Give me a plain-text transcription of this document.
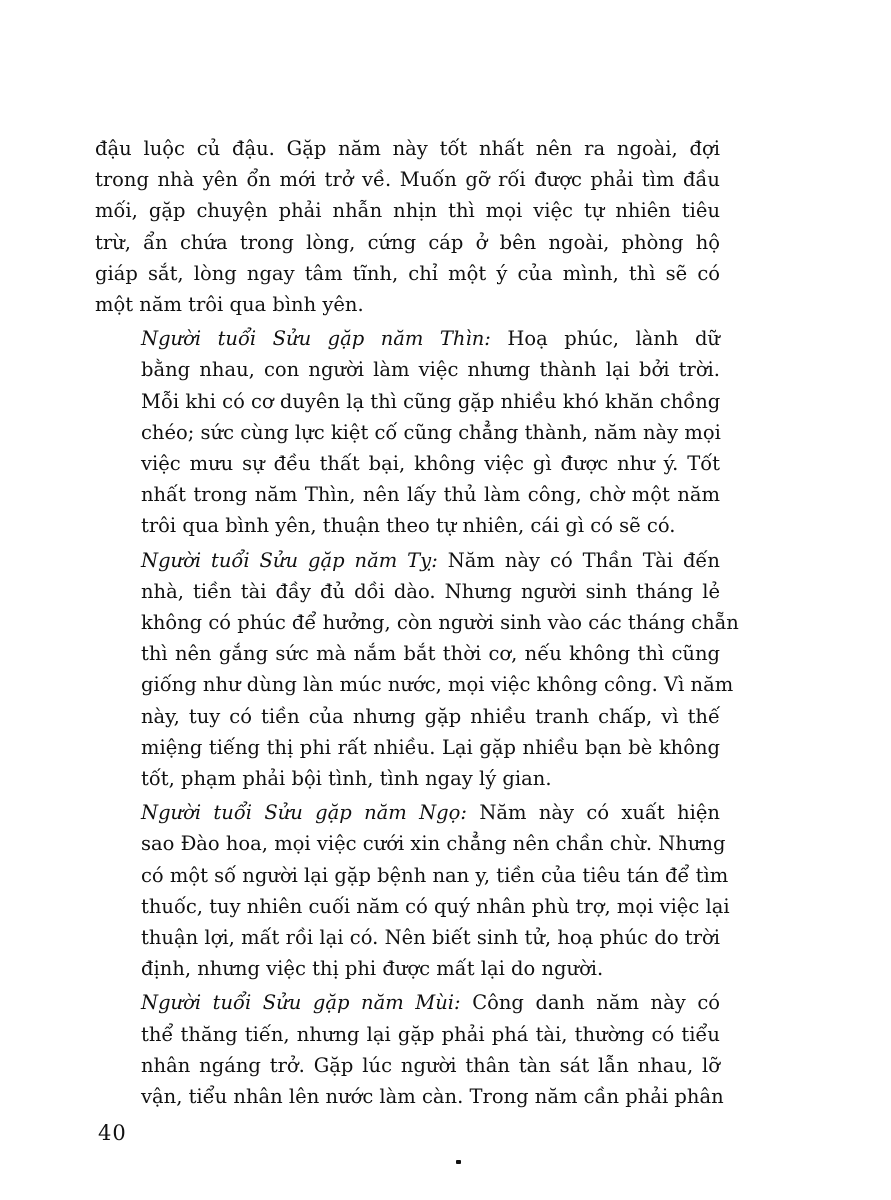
đậu luộc củ đậu. Gặp năm này tốt nhất nên ra ngoài, đợi
trong nhà yên ổn mới trở về. Muốn gỡ rối được phải tìm đầu
mối, gặp chuyện phải nhẫn nhịn thì mọi việc tự nhiên tiêu
trừ, ẩn chứa trong lòng, cứng cáp ở bên ngoài, phòng hộ
giáp sắt, lòng ngay tâm tĩnh, chỉ một ý của mình, thì sẽ có
một năm trôi qua bình yên.
Người tuổi Sửu gặp năm Thìn: Hoạ phúc, lành dữ
bằng nhau, con người làm việc nhưng thành lại bởi trời.
Mỗi khi có cơ duyên lạ thì cũng gặp nhiều khó khăn chồng
chéo; sức cùng lực kiệt cố cũng chẳng thành, năm này mọi
việc mưu sự đều thất bại, không việc gì được như ý. Tốt
nhất trong năm Thìn, nên lấy thủ làm công, chờ một năm
trôi qua bình yên, thuận theo tự nhiên, cái gì có sẽ có.
Người tuổi Sửu gặp năm Tỵ: Năm này có Thần Tài đến
nhà, tiền tài đầy đủ dồi dào. Nhưng người sinh tháng lẻ
không có phúc để hưởng, còn người sinh vào các tháng chẵn
thì nên gắng sức mà nắm bắt thời cơ, nếu không thì cũng
giống như dùng làn múc nước, mọi việc không công. Vì năm
này, tuy có tiền của nhưng gặp nhiều tranh chấp, vì thế
miệng tiếng thị phi rất nhiều. Lại gặp nhiều bạn bè không
tốt, phạm phải bội tình, tình ngay lý gian.
Người tuổi Sửu gặp năm Ngọ: Năm này có xuất hiện
sao Đào hoa, mọi việc cưới xin chẳng nên chần chừ. Nhưng
có một số người lại gặp bệnh nan y, tiền của tiêu tán để tìm
thuốc, tuy nhiên cuối năm có quý nhân phù trợ, mọi việc lại
thuận lợi, mất rồi lại có. Nên biết sinh tử, hoạ phúc do trời
định, nhưng việc thị phi được mất lại do người.
Người tuổi Sửu gặp năm Mùi: Công danh năm này có
thể thăng tiến, nhưng lại gặp phải phá tài, thường có tiểu
nhân ngáng trở. Gặp lúc người thân tàn sát lẫn nhau, lỡ
vận, tiểu nhân lên nước làm càn. Trong năm cần phải phân
40
